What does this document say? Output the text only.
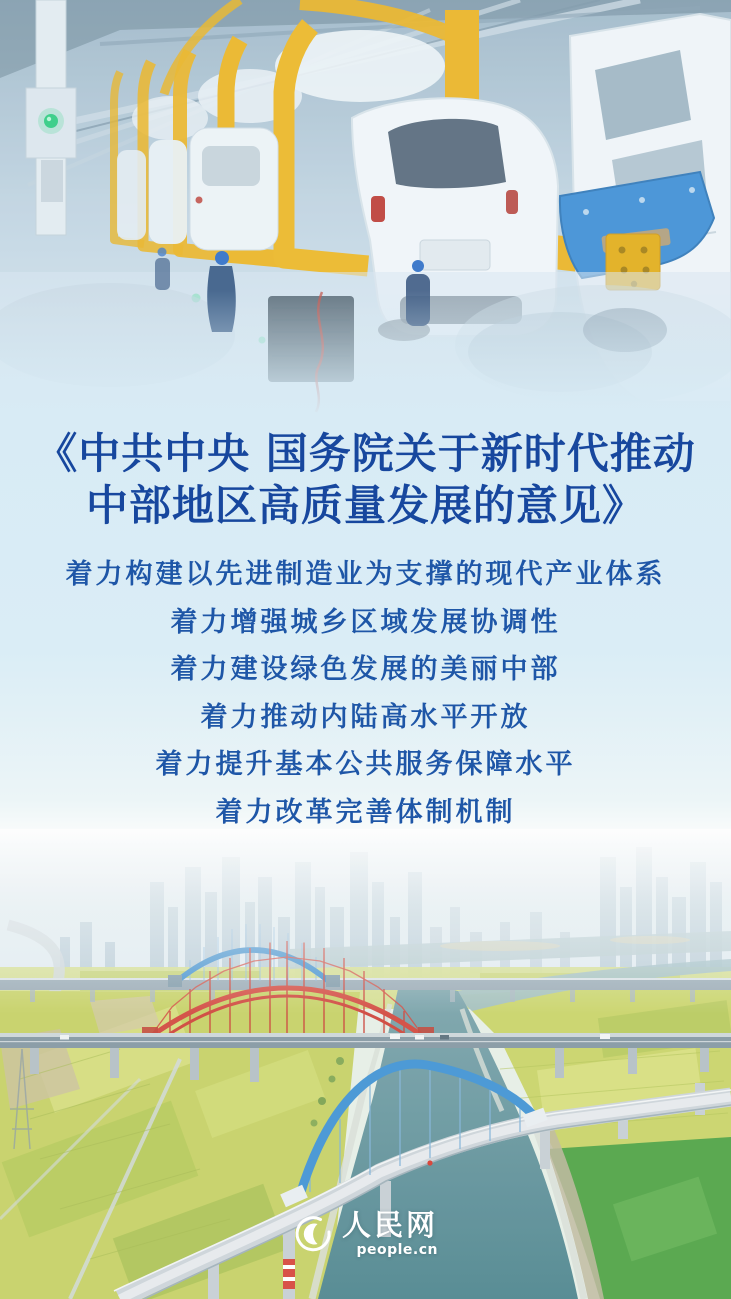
《中共中央 国务院关于新时代推动
中部地区高质量发展的意见》
着力构建以先进制造业为支撑的现代产业体系
着力增强城乡区域发展协调性
着力建设绿色发展的美丽中部
着力推动内陆高水平开放
着力提升基本公共服务保障水平
着力改革完善体制机制
人民网
people.cn
